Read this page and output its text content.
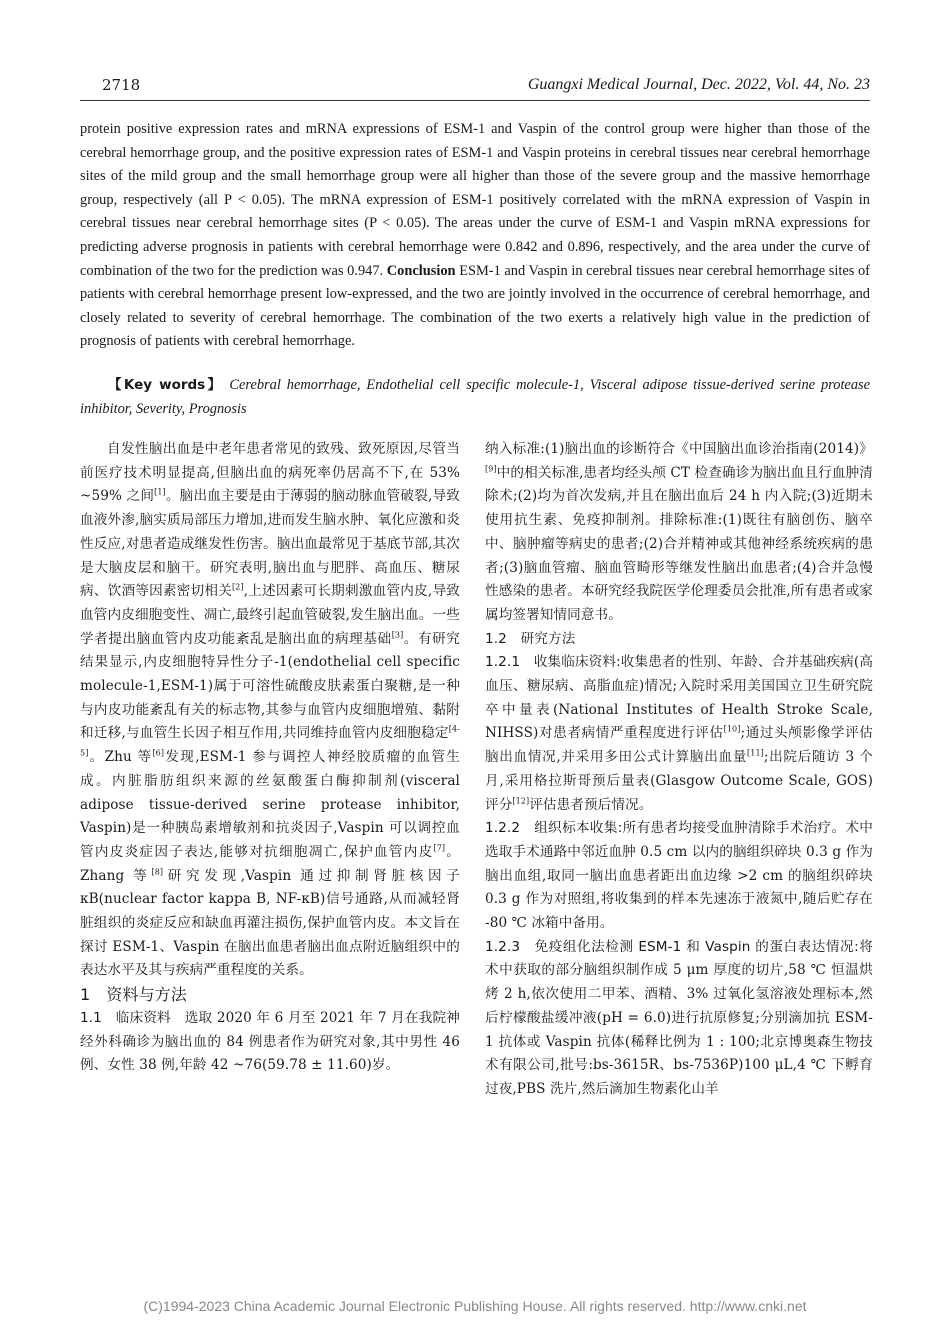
2718	Guangxi Medical Journal, Dec. 2022, Vol. 44, No. 23
protein positive expression rates and mRNA expressions of ESM-1 and Vaspin of the control group were higher than those of the cerebral hemorrhage group, and the positive expression rates of ESM-1 and Vaspin proteins in cerebral tissues near cerebral hemorrhage sites of the mild group and the small hemorrhage group were all higher than those of the severe group and the massive hemorrhage group, respectively (all P < 0.05). The mRNA expression of ESM-1 positively correlated with the mRNA expression of Vaspin in cerebral tissues near cerebral hemorrhage sites (P < 0.05). The areas under the curve of ESM-1 and Vaspin mRNA expressions for predicting adverse prognosis in patients with cerebral hemorrhage were 0.842 and 0.896, respectively, and the area under the curve of combination of the two for the prediction was 0.947. Conclusion ESM-1 and Vaspin in cerebral tissues near cerebral hemorrhage sites of patients with cerebral hemorrhage present low-expressed, and the two are jointly involved in the occurrence of cerebral hemorrhage, and closely related to severity of cerebral hemorrhage. The combination of the two exerts a relatively high value in the prediction of prognosis of patients with cerebral hemorrhage.
【Key words】 Cerebral hemorrhage, Endothelial cell specific molecule-1, Visceral adipose tissue-derived serine protease inhibitor, Severity, Prognosis

自发性脑出血是中老年患者常见的致残、致死原因,尽管当前医疗技术明显提高,但脑出血的病死率仍居高不下,在 53% ~59% 之间[1]。脑出血主要是由于薄弱的脑动脉血管破裂,导致血液外渗,脑实质局部压力增加,进而发生脑水肿、氧化应激和炎性反应,对患者造成继发性伤害。脑出血最常见于基底节部,其次是大脑皮层和脑干。研究表明,脑出血与肥胖、高血压、糖尿病、饮酒等因素密切相关[2],上述因素可长期刺激血管内皮,导致血管内皮细胞变性、凋亡,最终引起血管破裂,发生脑出血。一些学者提出脑血管内皮功能紊乱是脑出血的病理基础[3]。有研究结果显示,内皮细胞特异性分子-1(endothelial cell specific molecule-1,ESM-1)属于可溶性硫酸皮肤素蛋白聚糖,是一种与内皮功能紊乱有关的标志物,其参与血管内皮细胞增殖、黏附和迁移,与血管生长因子相互作用,共同维持血管内皮细胞稳定[4-5]。Zhu 等[6]发现,ESM-1 参与调控人神经胶质瘤的血管生成。内脏脂肪组织来源的丝氨酸蛋白酶抑制剂(visceral adipose tissue-derived serine protease inhibitor, Vaspin)是一种胰岛素增敏剂和抗炎因子,Vaspin 可以调控血管内皮炎症因子表达,能够对抗细胞凋亡,保护血管内皮[7]。Zhang 等[8]研究发现,Vaspin 通过抑制肾脏核因子 κB(nuclear factor kappa B, NF-κB)信号通路,从而减轻肾脏组织的炎症反应和缺血再灌注损伤,保护血管内皮。本文旨在探讨 ESM-1、Vaspin 在脑出血患者脑出血点附近脑组织中的表达水平及其与疾病严重程度的关系。

1　资料与方法

1.1　临床资料　选取 2020 年 6 月至 2021 年 7 月在我院神经外科确诊为脑出血的 84 例患者作为研究对象,其中男性 46 例、女性 38 例,年龄 42 ~76(59.78 ± 11.60)岁。

纳入标准:(1)脑出血的诊断符合《中国脑出血诊治指南(2014)》[9]中的相关标准,患者均经头颅 CT 检查确诊为脑出血且行血肿清除术;(2)均为首次发病,并且在脑出血后 24 h 内入院;(3)近期未使用抗生素、免疫抑制剂。排除标准:(1)既往有脑创伤、脑卒中、脑肿瘤等病史的患者;(2)合并精神或其他神经系统疾病的患者;(3)脑血管瘤、脑血管畸形等继发性脑出血患者;(4)合并急慢性感染的患者。本研究经我院医学伦理委员会批准,所有患者或家属均签署知情同意书。

1.2　研究方法

1.2.1　收集临床资料:收集患者的性别、年龄、合并基础疾病(高血压、糖尿病、高脂血症)情况;入院时采用美国国立卫生研究院卒中量表(National Institutes of Health Stroke Scale, NIHSS)对患者病情严重程度进行评估[10];通过头颅影像学评估脑出血情况,并采用多田公式计算脑出血量[11];出院后随访 3 个月,采用格拉斯哥预后量表(Glasgow Outcome Scale, GOS)评分[12]评估患者预后情况。

1.2.2　组织标本收集:所有患者均接受血肿清除手术治疗。术中选取手术通路中邻近血肿 0.5 cm 以内的脑组织碎块 0.3 g 作为脑出血组,取同一脑出血患者距出血边缘 >2 cm 的脑组织碎块 0.3 g 作为对照组,将收集到的样本先速冻于液氮中,随后贮存在 -80 ℃ 冰箱中备用。

1.2.3　免疫组化法检测 ESM-1 和 Vaspin 的蛋白表达情况:将术中获取的部分脑组织制作成 5 μm 厚度的切片,58 ℃ 恒温烘烤 2 h,依次使用二甲苯、酒精、3% 过氧化氢溶液处理标本,然后柠檬酸盐缓冲液(pH = 6.0)进行抗原修复;分别滴加抗 ESM-1 抗体或 Vaspin 抗体(稀释比例为 1 : 100;北京博奥森生物技术有限公司,批号:bs-3615R、bs-7536P)100 μL,4 ℃ 下孵育过夜,PBS 洗片,然后滴加生物素化山羊

(C)1994-2023 China Academic Journal Electronic Publishing House. All rights reserved. http://www.cnki.net
